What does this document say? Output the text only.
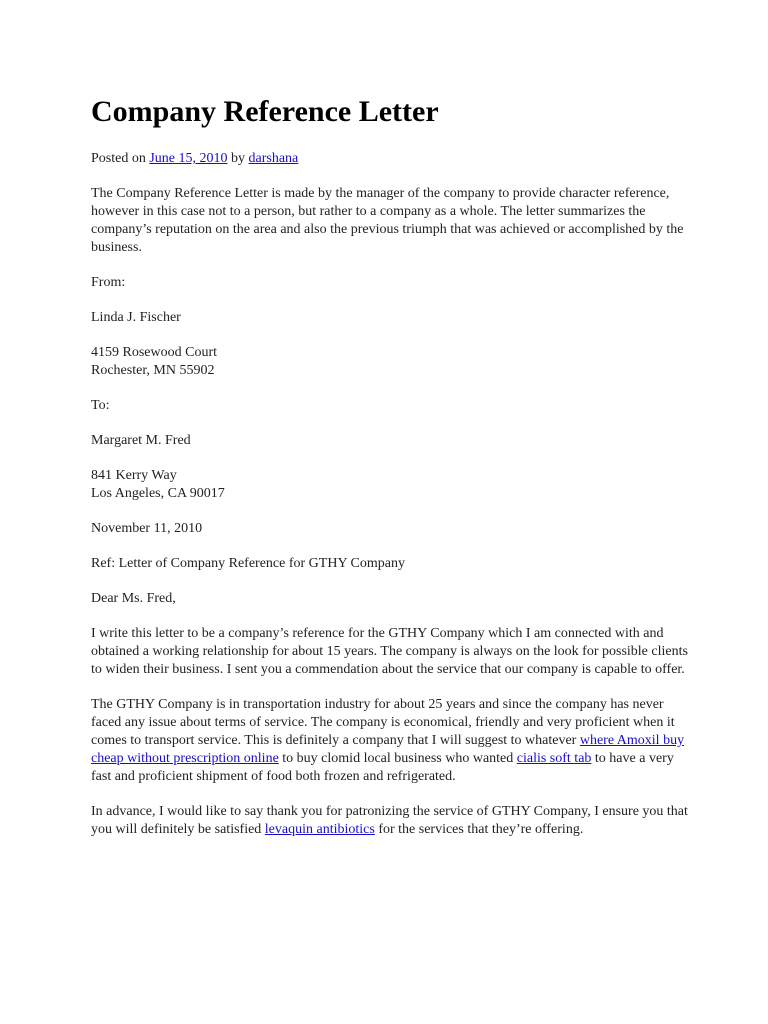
Company Reference Letter
Posted on June 15, 2010 by darshana

The Company Reference Letter is made by the manager of the company to provide character reference, however in this case not to a person, but rather to a company as a whole. The letter summarizes the company’s reputation on the area and also the previous triumph that was achieved or accomplished by the business.

From:

Linda J. Fischer

4159 Rosewood Court

Rochester, MN 55902

To:

Margaret M. Fred

841 Kerry Way

Los Angeles, CA 90017

November 11, 2010

Ref: Letter of Company Reference for GTHY Company

Dear Ms. Fred,

I write this letter to be a company’s reference for the GTHY Company which I am connected with and obtained a working relationship for about 15 years. The company is always on the look for possible clients to widen their business. I sent you a commendation about the service that our company is capable to offer.

The GTHY Company is in transportation industry for about 25 years and since the company has never faced any issue about terms of service. The company is economical, friendly and very proficient when it comes to transport service. This is definitely a company that I will suggest to whatever where Amoxil buy cheap without prescription online to buy clomid local business who wanted cialis soft tab to have a very fast and proficient shipment of food both frozen and refrigerated.

In advance, I would like to say thank you for patronizing the service of GTHY Company, I ensure you that you will definitely be satisfied levaquin antibiotics for the services that they’re offering.
